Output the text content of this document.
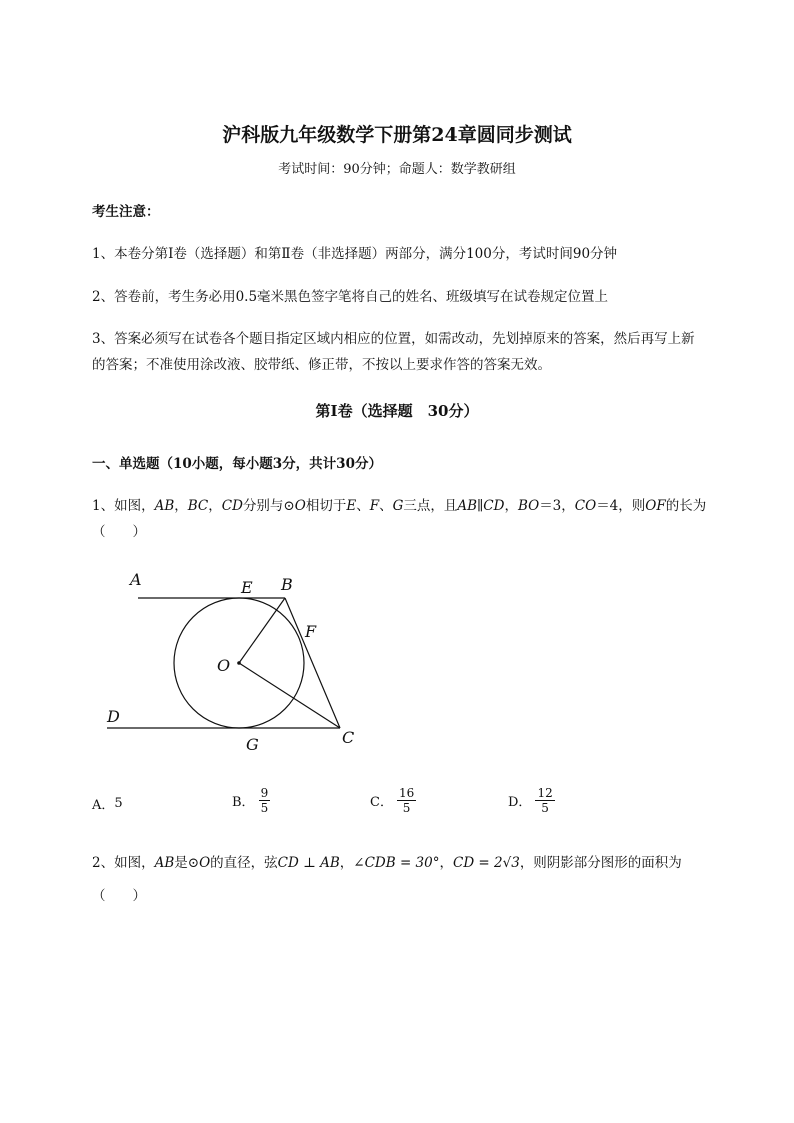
沪科版九年级数学下册第24章圆同步测试
考试时间：90分钟；命题人：数学教研组
考生注意：
1、本卷分第Ⅰ卷（选择题）和第Ⅱ卷（非选择题）两部分，满分100分，考试时间90分钟
2、答卷前，考生务必用0.5毫米黑色签字笔将自己的姓名、班级填写在试卷规定位置上
3、答案必须写在试卷各个题目指定区域内相应的位置，如需改动，先划掉原来的答案，然后再写上新
的答案；不准使用涂改液、胶带纸、修正带，不按以上要求作答的答案无效。
第Ⅰ卷（选择题　30分）
一、单选题（10小题，每小题3分，共计30分）
1、如图，AB，BC，CD分别与⊙O相切于E、F、G三点，且AB∥CD，BO＝3，CO＝4，则OF的长为
（　　）
A	E B
F
O
D
G	C
A． 5	B． $\frac{9}{5}$	C． $\frac{16}{5}$	D． $\frac{12}{5}$
2、如图，AB是⊙O的直径，弦CD ⊥ AB，∠CDB = 30°，CD = 2√3，则阴影部分图形的面积为
（　　）
